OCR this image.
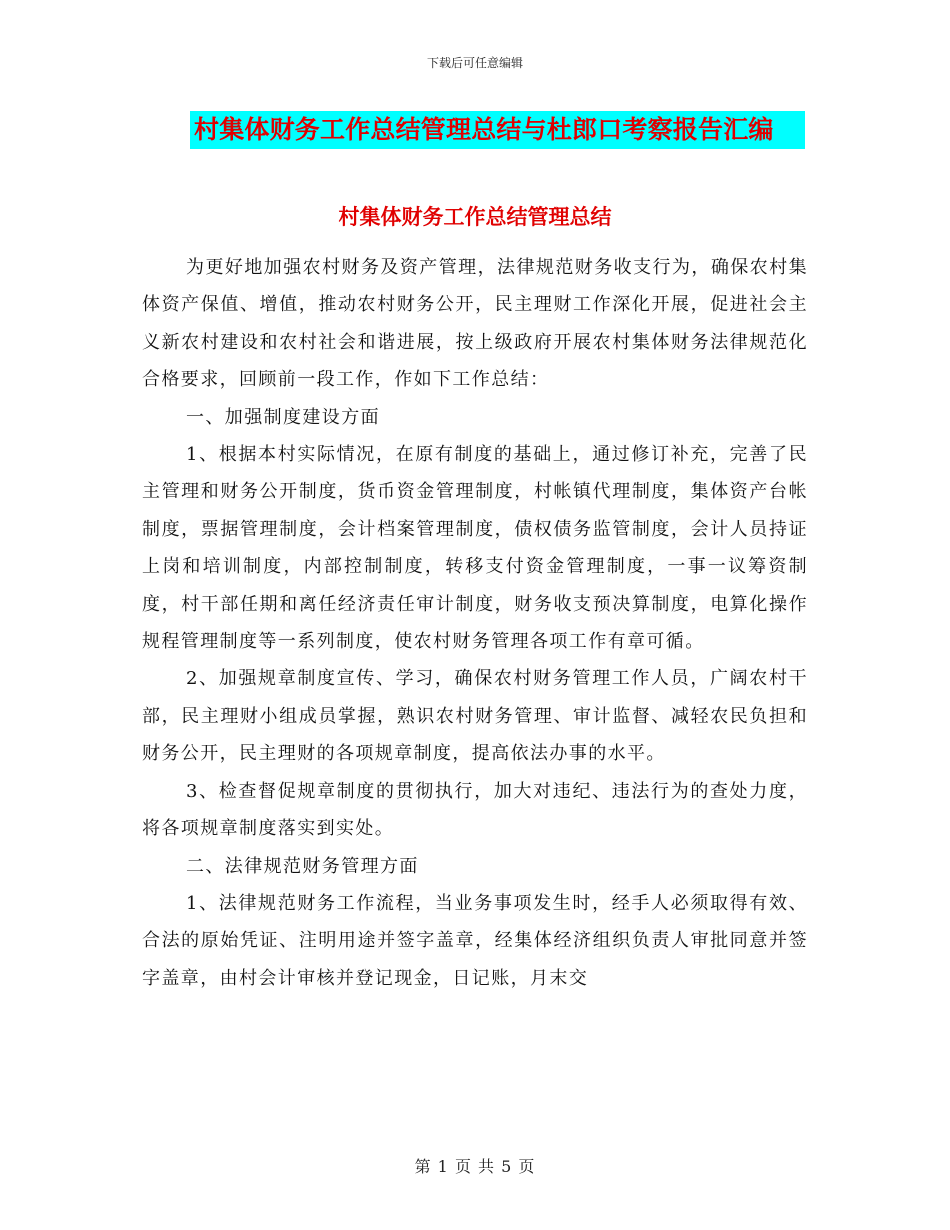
下载后可任意编辑
村集体财务工作总结管理总结与杜郎口考察报告汇编
村集体财务工作总结管理总结

为更好地加强农村财务及资产管理，法律规范财务收支行为，确保农村集体资产保值、增值，推动农村财务公开，民主理财工作深化开展，促进社会主义新农村建设和农村社会和谐进展，按上级政府开展农村集体财务法律规范化合格要求，回顾前一段工作，作如下工作总结：

一、加强制度建设方面

1、根据本村实际情况，在原有制度的基础上，通过修订补充，完善了民主管理和财务公开制度，货币资金管理制度，村帐镇代理制度，集体资产台帐制度，票据管理制度，会计档案管理制度，债权债务监管制度，会计人员持证上岗和培训制度，内部控制制度，转移支付资金管理制度，一事一议筹资制度，村干部任期和离任经济责任审计制度，财务收支预决算制度，电算化操作规程管理制度等一系列制度，使农村财务管理各项工作有章可循。

2、加强规章制度宣传、学习，确保农村财务管理工作人员，广阔农村干部，民主理财小组成员掌握，熟识农村财务管理、审计监督、减轻农民负担和财务公开，民主理财的各项规章制度，提高依法办事的水平。

3、检查督促规章制度的贯彻执行，加大对违纪、违法行为的查处力度，将各项规章制度落实到实处。

二、法律规范财务管理方面

1、法律规范财务工作流程，当业务事项发生时，经手人必须取得有效、合法的原始凭证、注明用途并签字盖章，经集体经济组织负责人审批同意并签字盖章，由村会计审核并登记现金，日记账，月末交

第 1 页 共 5 页
